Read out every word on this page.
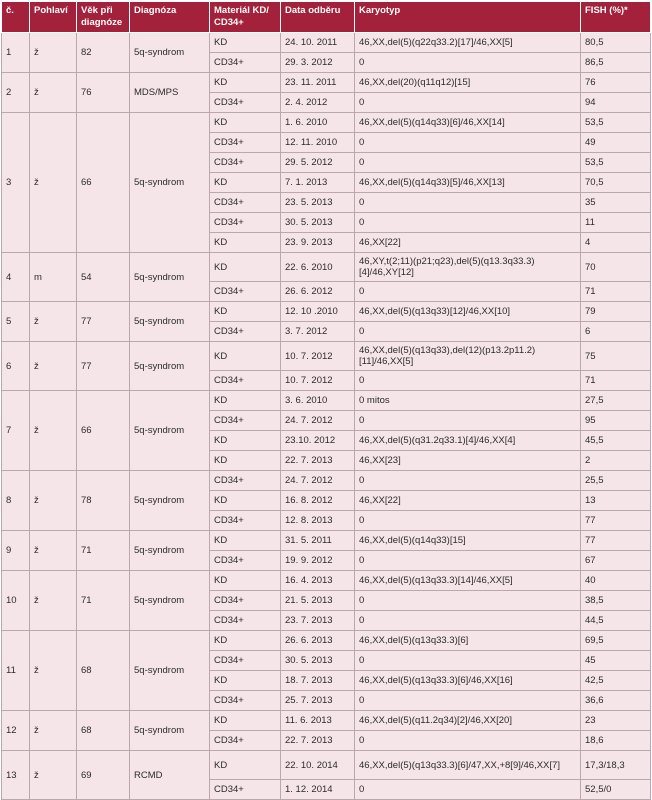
č.	Pohlaví	Věk při diagnóze	Diagnóza	Materiál KD/ CD34+	Data odběru	Karyotyp	FISH (%)*
1	ž	82	5q-syndrom	KD	24. 10. 2011	46,XX,del(5)(q22q33.2)[17]/46,XX[5]	80,5
				CD34+	29. 3. 2012	0	86,5
2	ž	76	MDS/MPS	KD	23. 11. 2011	46,XX,del(20)(q11q12)[15]	76
				CD34+	2. 4. 2012	0	94
3	ž	66	5q-syndrom	KD	1. 6. 2010	46,XX,del(5)(q14q33)[6]/46,XX[14]	53,5
				CD34+	12. 11. 2010	0	49
				CD34+	29. 5. 2012	0	53,5
				KD	7. 1. 2013	46,XX,del(5)(q14q33)[5]/46,XX[13]	70,5
				CD34+	23. 5. 2013	0	35
				CD34+	30. 5. 2013	0	11
				KD	23. 9. 2013	46,XX[22]	4
4	m	54	5q-syndrom	KD	22. 6. 2010	46,XY,t(2;11)(p21;q23),del(5)(q13.3q33.3)[4]/46,XY[12]	70
				CD34+	26. 6. 2012	0	71
5	ž	77	5q-syndrom	KD	12. 10 .2010	46,XX,del(5)(q13q33)[12]/46,XX[10]	79
				CD34+	3. 7. 2012	0	6
6	ž	77	5q-syndrom	KD	10. 7. 2012	46,XX,del(5)(q13q33),del(12)(p13.2p11.2)[11]/46,XX[5]	75
				CD34+	10. 7. 2012	0	71
7	ž	66	5q-syndrom	KD	3. 6. 2010	0 mitos	27,5
				CD34+	24. 7. 2012	0	95
				KD	23.10. 2012	46,XX,del(5)(q31.2q33.1)[4]/46,XX[4]	45,5
				KD	22. 7. 2013	46,XX[23]	2
8	ž	78	5q-syndrom	CD34+	24. 7. 2012	0	25,5
				KD	16. 8. 2012	46,XX[22]	13
				CD34+	12. 8. 2013	0	77
9	ž	71	5q-syndrom	KD	31. 5. 2011	46,XX,del(5)(q14q33)[15]	77
				CD34+	19. 9. 2012	0	67
10	ž	71	5q-syndrom	KD	16. 4. 2013	46,XX,del(5)(q13q33.3)[14]/46,XX[5]	40
				CD34+	21. 5. 2013	0	38,5
				CD34+	23. 7. 2013	0	44,5
11	ž	68	5q-syndrom	KD	26. 6. 2013	46,XX,del(5)(q13q33.3)[6]	69,5
				CD34+	30. 5. 2013	0	45
				KD	18. 7. 2013	46,XX,del(5)(q13q33.3)[6]/46,XX[16]	42,5
				CD34+	25. 7. 2013	0	36,6
12	ž	68	5q-syndrom	KD	11. 6. 2013	46,XX,del(5)(q11.2q34)[2]/46,XX[20]	23
				CD34+	22. 7. 2013	0	18,6
13	ž	69	RCMD	KD	22. 10. 2014	46,XX,del(5)(q13q33.3)[6]/47,XX,+8[9]/46,XX[7]	17,3/18,3
				CD34+	1. 12. 2014	0	52,5/0
